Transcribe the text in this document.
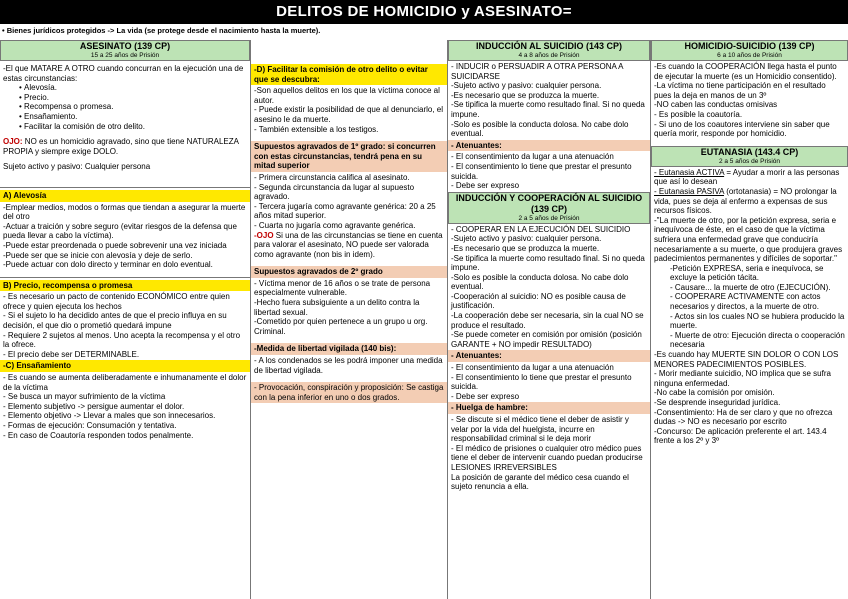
DELITOS DE HOMICIDIO y ASESINATO=
• Bienes jurídicos protegidos -> La vida (se protege desde el nacimiento hasta la muerte).
ASESINATO (139 CP)
15 a 25 años de Prisión

-El que MATARE A OTRO cuando concurran en la ejecución una de estas circunstancias:

• Alevosía.

• Precio.

• Recompensa o promesa.

• Ensañamiento.

• Facilitar la comisión de otro delito.

OJO: NO es un homicidio agravado, sino que tiene NATURALEZA PROPIA y siempre exige DOLO.

Sujeto activo y pasivo: Cualquier persona

A) Alevosía

-Emplear medios, modos o formas que tiendan a asegurar la muerte del otro

-Actuar a traición y sobre seguro (evitar riesgos de la defensa que pueda llevar a cabo la víctima).

-Puede estar preordenada o puede sobrevenir una vez iniciada

-Puede ser que se inicie con alevosía y deje de serlo.

-Puede actuar con dolo directo y terminar en dolo eventual.

B) Precio, recompensa o promesa

- Es necesario un pacto de contenido ECONÓMICO entre quien ofrece y quien ejecuta los hechos

- Si el sujeto lo ha decidido antes de que el precio influya en su decisión, el que dio o prometió quedará impune

- Requiere 2 sujetos al menos. Uno acepta la recompensa y el otro la ofrece.

- El precio debe ser DETERMINABLE.

-C) Ensañamiento

- Es cuando se aumenta deliberadamente e inhumanamente el dolor de la víctima

- Se busca un mayor sufrimiento de la víctima

- Elemento subjetivo -> persigue aumentar el dolor.

- Elemento objetivo -> Llevar a males que son innecesarios.

- Formas de ejecución: Consumación y tentativa.

- En caso de Coautoría responden todos penalmente.

-D) Facilitar la comisión de otro delito o evitar que se descubra:

-Son aquellos delitos en los que la víctima conoce al autor.

- Puede existir la posibilidad de que al denunciarlo, el asesino le da muerte.

- También extensible a los testigos.

Supuestos agravados de 1º grado: si concurren con estas circunstancias, tendrá pena en su mitad superior

- Primera circunstancia califica al asesinato.

- Segunda circunstancia da lugar al supuesto agravado.

- Tercera jugaría como agravante genérica: 20 a 25 años mitad superior.

- Cuarta no jugaría como agravante genérica.

-OJO Si una de las circunstancias se tiene en cuenta para valorar el asesinato, NO puede ser valorada como agravante (non bis in idem).

Supuestos agravados de 2º grado

- Víctima menor de 16 años o se trate de persona especialmente vulnerable.

-Hecho fuera subsiguiente a un delito contra la libertad sexual.

-Cometido por quien pertenece a un grupo u org. Criminal.

-Medida de libertad vigilada (140 bis):

- A los condenados se les podrá imponer una medida de libertad vigilada.

- Provocación, conspiración y proposición: Se castiga con la pena inferior en uno o dos grados.
INDUCCIÓN AL SUICIDIO (143 CP)
4 a 8 años de Prisión

- INDUCIR o PERSUADIR A OTRA PERSONA A SUICIDARSE

-Sujeto activo y pasivo: cualquier persona.

-Es necesario que se produzca la muerte.

-Se tipifica la muerte como resultado final. Si no queda impune.

-Solo es posible la conducta dolosa. No cabe dolo eventual.

- Atenuantes:

- El consentimiento da lugar a una atenuación

- El consentimiento lo tiene que prestar el presunto suicida.

- Debe ser expreso

INDUCCIÓN Y COOPERACIÓN AL SUICIDIO (139 CP)
2 a 5 años de Prisión

- COOPERAR EN LA EJECUCIÓN DEL SUICIDIO

-Sujeto activo y pasivo: cualquier persona.

-Es necesario que se produzca la muerte.

-Se tipifica la muerte como resultado final. Si no queda impune.

-Solo es posible la conducta dolosa. No cabe dolo eventual.

-Cooperación al suicidio: NO es posible causa de justificación.

-La cooperación debe ser necesaria, sin la cual NO se produce el resultado.

-Se puede cometer en comisión por omisión (posición GARANTE + NO impedir RESULTADO)

- Atenuantes:

- El consentimiento da lugar a una atenuación

- El consentimiento lo tiene que prestar el presunto suicida.

- Debe ser expreso

- Huelga de hambre:

- Se discute si el médico tiene el deber de asistir y velar por la vida del huelgista, incurre en responsabilidad criminal si le deja morir

- El médico de prisiones o cualquier otro médico pues tiene el deber de intervenir cuando puedan producirse LESIONES IRREVERSIBLES

La posición de garante del médico cesa cuando el sujeto renuncia a ella.

HOMICIDIO-SUICIDIO (139 CP)
6 a 10 años de Prisión

-Es cuando la COOPERACIÓN llega hasta el punto de ejecutar la muerte (es un Homicidio consentido).

-La víctima no tiene participación en el resultado pues la deja en manos de un 3º

-NO caben las conductas omisivas

- Es posible la coautoría.

- Si uno de los coautores interviene sin saber que quería morir, responde por homicidio.

EUTANASIA (143.4 CP)
2 a 5 años de Prisión

- Eutanasia ACTIVA = Ayudar a morir a las personas que así lo desean

- Eutanasia PASIVA (ortotanasia) = NO prolongar la vida, pues se deja al enfermo a expensas de sus recursos físicos.

-"La muerte de otro, por la petición expresa, seria e inequívoca de éste, en el caso de que la víctima sufriera una enfermedad grave que conduciría necesariamente a su muerte, o que produjera graves padecimientos permanentes y difíciles de soportar."

-Petición EXPRESA, seria e inequívoca, se excluye la petición tácita.

- Causare... la muerte de otro (EJECUCIÓN).

- COOPERARE ACTIVAMENTE con actos necesarios y directos, a la muerte de otro.

- Actos sin los cuales NO se hubiera producido la muerte.

- Muerte de otro: Ejecución directa o cooperación necesaria

-Es cuando hay MUERTE SIN DOLOR O CON LOS MENORES PADECIMIENTOS POSIBLES.

- Morir mediante suicidio, NO implica que se sufra ninguna enfermedad.

-No cabe la comisión por omisión.

-Se desprende inseguridad jurídica.

-Consentimiento: Ha de ser claro y que no ofrezca dudas -> NO es necesario por escrito

-Concurso: De aplicación preferente el art. 143.4 frente a los 2º y 3º
